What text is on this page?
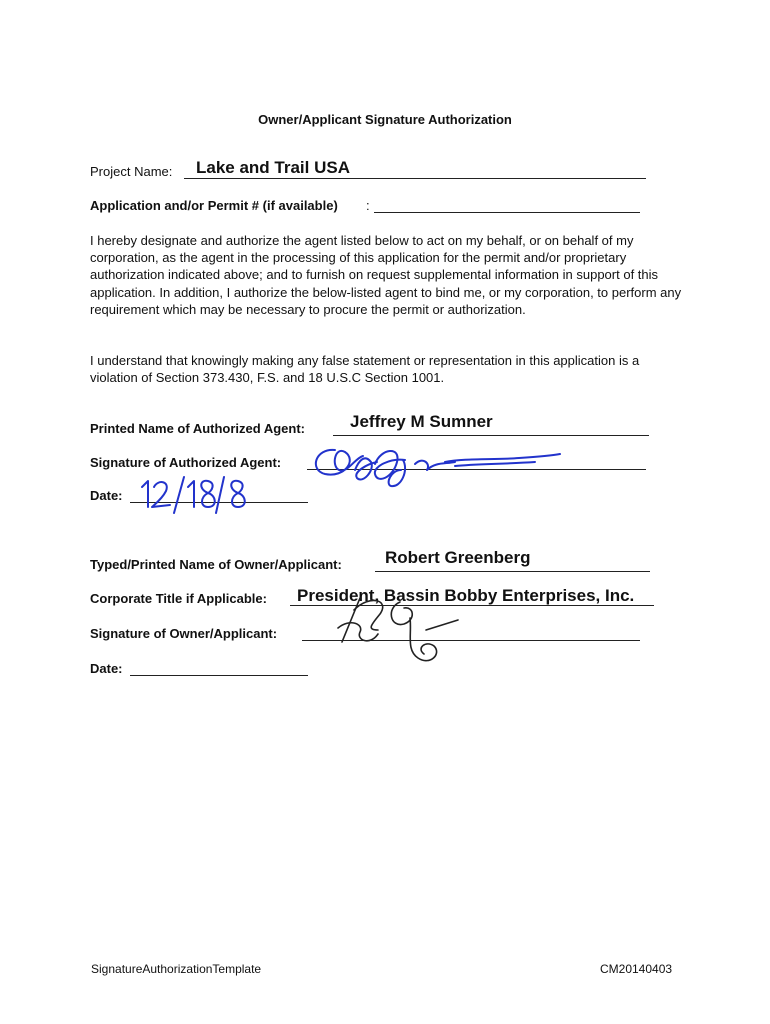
Owner/Applicant Signature Authorization
Project Name: Lake and Trail USA
Application and/or Permit # (if available) :
I hereby designate and authorize the agent listed below to act on my behalf, or on behalf of my corporation, as the agent in the processing of this application for the permit and/or proprietary authorization indicated above; and to furnish on request supplemental information in support of this application. In addition, I authorize the below-listed agent to bind me, or my corporation, to perform any requirement which may be necessary to procure the permit or authorization.
I understand that knowingly making any false statement or representation in this application is a violation of Section 373.430, F.S. and 18 U.S.C Section 1001.
Printed Name of Authorized Agent:	Jeffrey M Sumner
Signature of Authorized Agent:
Date:
Typed/Printed Name of Owner/Applicant:	Robert Greenberg
Corporate Title if Applicable: President, Bassin Bobby Enterprises, Inc.
Signature of Owner/Applicant:
Date:
SignatureAuthorizationTemplate	CM20140403
